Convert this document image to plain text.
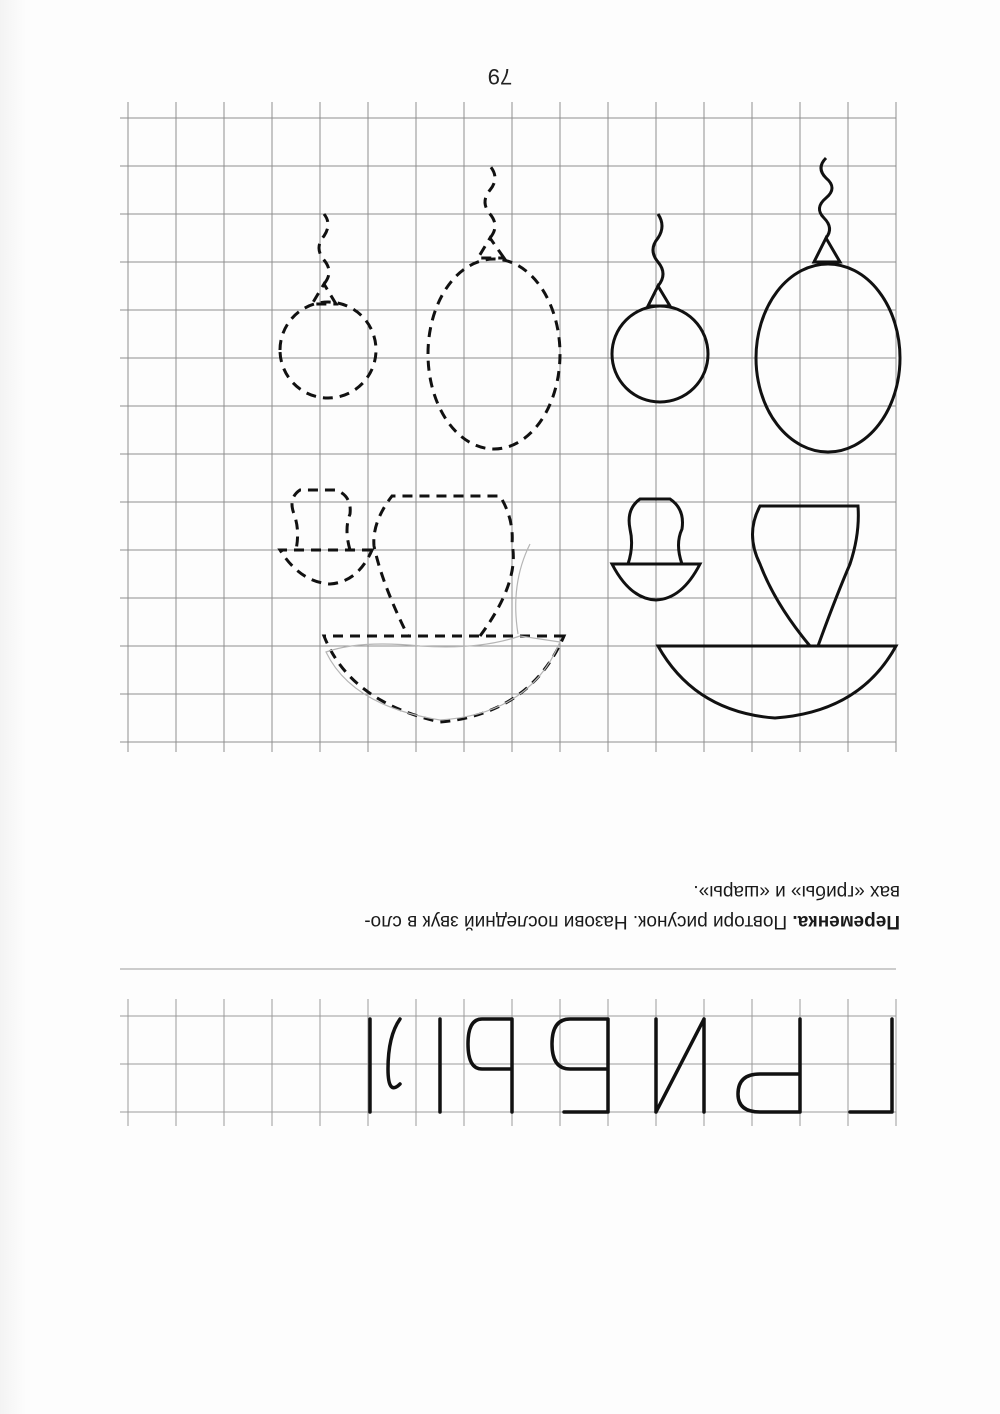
Переменка. Повтори рисунок. Назови последний звук в сло-
вах «грибы» и «шары».
79
